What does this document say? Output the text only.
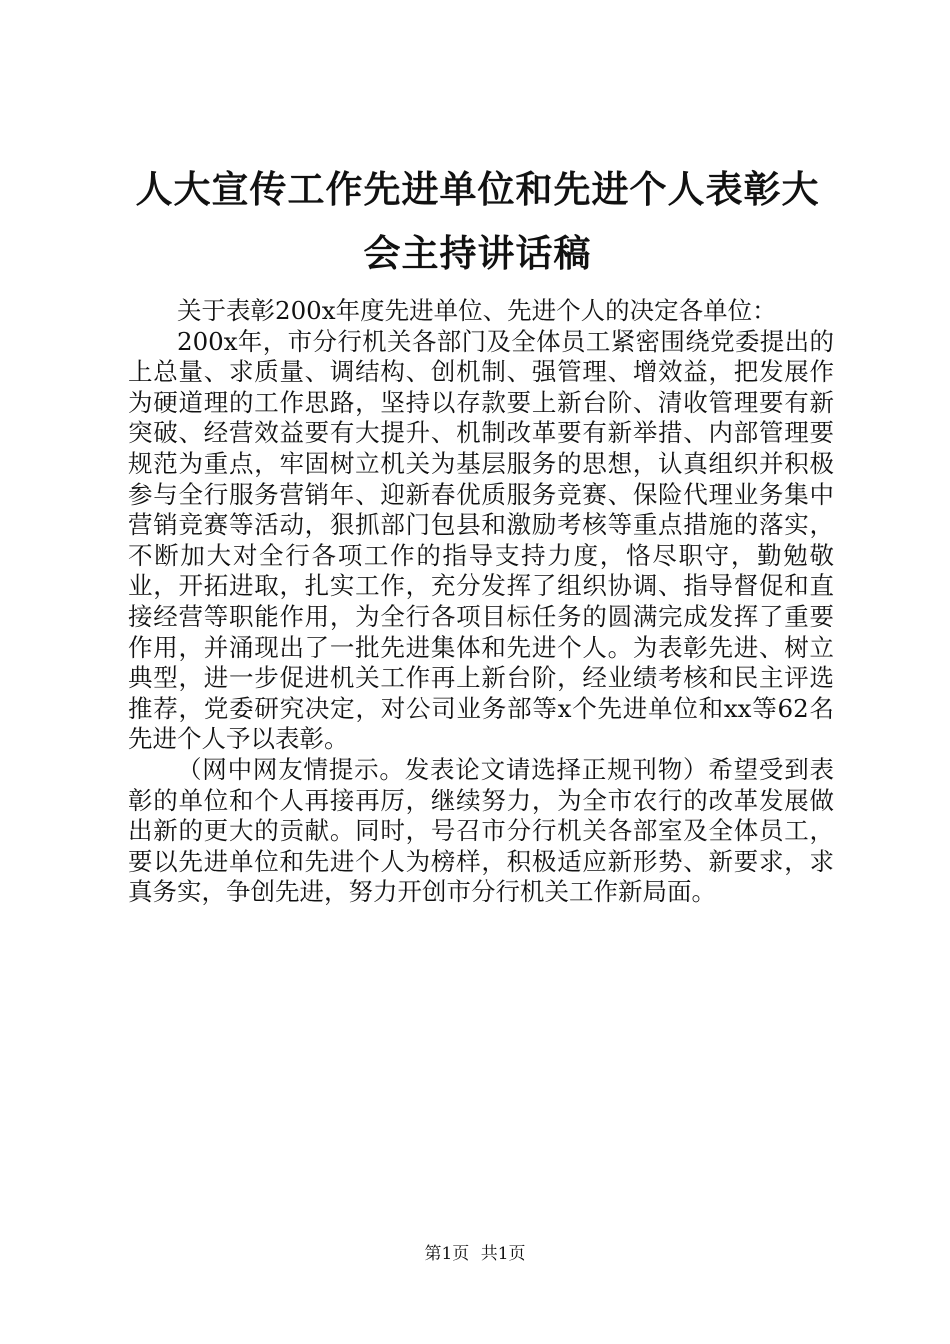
人大宣传工作先进单位和先进个人表彰大会主持讲话稿

关于表彰200x年度先进单位、先进个人的决定各单位：

200x年，市分行机关各部门及全体员工紧密围绕党委提出的上总量、求质量、调结构、创机制、强管理、增效益，把发展作为硬道理的工作思路，坚持以存款要上新台阶、清收管理要有新突破、经营效益要有大提升、机制改革要有新举措、内部管理要规范为重点，牢固树立机关为基层服务的思想，认真组织并积极参与全行服务营销年、迎新春优质服务竞赛、保险代理业务集中营销竞赛等活动，狠抓部门包县和激励考核等重点措施的落实，不断加大对全行各项工作的指导支持力度，恪尽职守，勤勉敬业，开拓进取，扎实工作，充分发挥了组织协调、指导督促和直接经营等职能作用，为全行各项目标任务的圆满完成发挥了重要作用，并涌现出了一批先进集体和先进个人。为表彰先进、树立典型，进一步促进机关工作再上新台阶，经业绩考核和民主评选推荐，党委研究决定，对公司业务部等x个先进单位和xx等62名先进个人予以表彰。

（网中网友情提示。发表论文请选择正规刊物）希望受到表彰的单位和个人再接再厉，继续努力，为全市农行的改革发展做出新的更大的贡献。同时，号召市分行机关各部室及全体员工，要以先进单位和先进个人为榜样，积极适应新形势、新要求，求真务实，争创先进，努力开创市分行机关工作新局面。

第1页 共1页
